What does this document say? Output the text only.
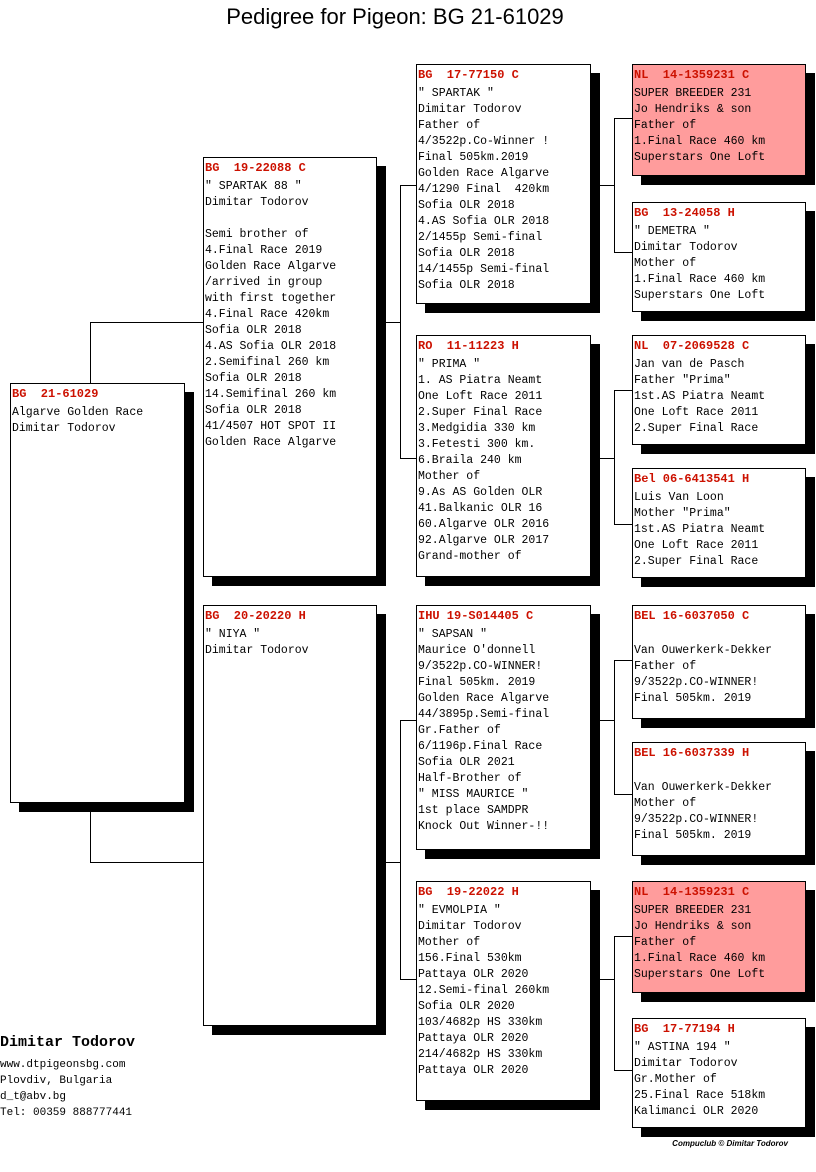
Pedigree for Pigeon: BG 21-61029
BG  21-61029
Algarve Golden Race
Dimitar Todorov
BG  19-22088 C
" SPARTAK 88 "
Dimitar Todorov

Semi brother of
4.Final Race 2019
Golden Race Algarve
/arrived in group
with first together
4.Final Race 420km
Sofia OLR 2018
4.AS Sofia OLR 2018
2.Semifinal 260 km
Sofia OLR 2018
14.Semifinal 260 km
Sofia OLR 2018
41/4507 HOT SPOT II
Golden Race Algarve
BG  20-20220 H
" NIYA "
Dimitar Todorov
BG  17-77150 C
" SPARTAK "
Dimitar Todorov
Father of
4/3522p.Co-Winner !
Final 505km.2019
Golden Race Algarve
4/1290 Final  420km
Sofia OLR 2018
4.AS Sofia OLR 2018
2/1455p Semi-final
Sofia OLR 2018
14/1455p Semi-final
Sofia OLR 2018
RO  11-11223 H
" PRIMA "
1. AS Piatra Neamt
One Loft Race 2011
2.Super Final Race
3.Medgidia 330 km
3.Fetesti 300 km.
6.Braila 240 km
Mother of
9.As AS Golden OLR
41.Balkanic OLR 16
60.Algarve OLR 2016
92.Algarve OLR 2017
Grand-mother of
IHU 19-S014405 C
" SAPSAN "
Maurice O'donnell
9/3522p.CO-WINNER!
Final 505km. 2019
Golden Race Algarve
44/3895p.Semi-final
Gr.Father of
6/1196p.Final Race
Sofia OLR 2021
Half-Brother of
" MISS MAURICE "
1st place SAMDPR
Knock Out Winner-!!
BG  19-22022 H
" EVMOLPIA "
Dimitar Todorov
Mother of
156.Final 530km
Pattaya OLR 2020
12.Semi-final 260km
Sofia OLR 2020
103/4682p HS 330km
Pattaya OLR 2020
214/4682p HS 330km
Pattaya OLR 2020
NL  14-1359231 C
SUPER BREEDER 231
Jo Hendriks & son
Father of
1.Final Race 460 km
Superstars One Loft
BG  13-24058 H
" DEMETRA "
Dimitar Todorov
Mother of
1.Final Race 460 km
Superstars One Loft
NL  07-2069528 C
Jan van de Pasch
Father "Prima"
1st.AS Piatra Neamt
One Loft Race 2011
2.Super Final Race
Bel 06-6413541 H
Luis Van Loon
Mother "Prima"
1st.AS Piatra Neamt
One Loft Race 2011
2.Super Final Race
BEL 16-6037050 C

Van Ouwerkerk-Dekker
Father of
9/3522p.CO-WINNER!
Final 505km. 2019
BEL 16-6037339 H

Van Ouwerkerk-Dekker
Mother of
9/3522p.CO-WINNER!
Final 505km. 2019
NL  14-1359231 C
SUPER BREEDER 231
Jo Hendriks & son
Father of
1.Final Race 460 km
Superstars One Loft
BG  17-77194 H
" ASTINA 194 "
Dimitar Todorov
Gr.Mother of
25.Final Race 518km
Kalimanci OLR 2020
Dimitar Todorov
www.dtpigeonsbg.com
Plovdiv, Bulgaria
d_t@abv.bg
Tel: 00359 888777441
Compuclub © Dimitar Todorov
